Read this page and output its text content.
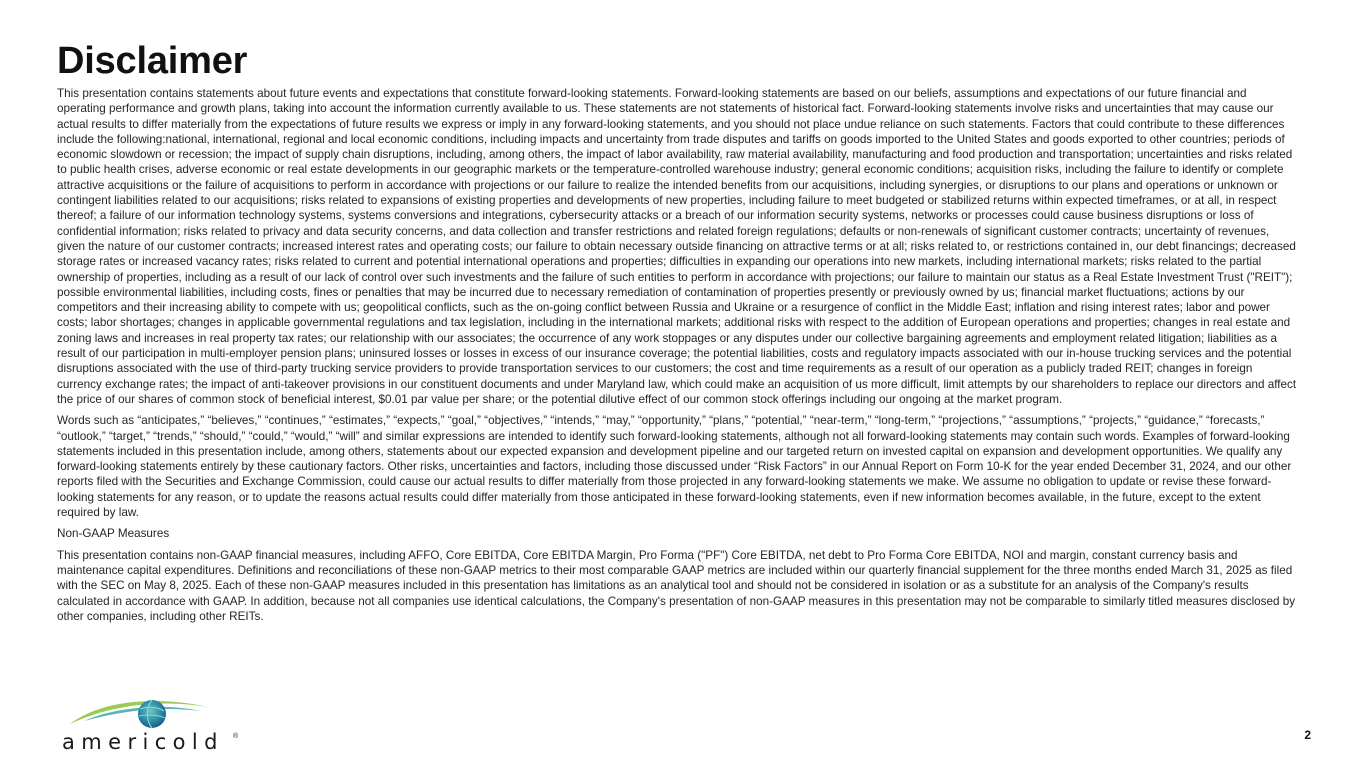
Disclaimer

This presentation contains statements about future events and expectations that constitute forward-looking statements. Forward-looking statements are based on our beliefs, assumptions and expectations of our future financial and operating performance and growth plans, taking into account the information currently available to us. These statements are not statements of historical fact. Forward-looking statements involve risks and uncertainties that may cause our actual results to differ materially from the expectations of future results we express or imply in any forward-looking statements, and you should not place undue reliance on such statements. Factors that could contribute to these differences include the following:national, international, regional and local economic conditions, including impacts and uncertainty from trade disputes and tariffs on goods imported to the United States and goods exported to other countries; periods of economic slowdown or recession; the impact of supply chain disruptions, including, among others, the impact of labor availability, raw material availability, manufacturing and food production and transportation; uncertainties and risks related to public health crises, adverse economic or real estate developments in our geographic markets or the temperature-controlled warehouse industry; general economic conditions; acquisition risks, including the failure to identify or complete attractive acquisitions or the failure of acquisitions to perform in accordance with projections or our failure to realize the intended benefits from our acquisitions, including synergies, or disruptions to our plans and operations or unknown or contingent liabilities related to our acquisitions; risks related to expansions of existing properties and developments of new properties, including failure to meet budgeted or stabilized returns within expected timeframes, or at all, in respect thereof; a failure of our information technology systems, systems conversions and integrations, cybersecurity attacks or a breach of our information security systems, networks or processes could cause business disruptions or loss of confidential information; risks related to privacy and data security concerns, and data collection and transfer restrictions and related foreign regulations; defaults or non-renewals of significant customer contracts; uncertainty of revenues, given the nature of our customer contracts; increased interest rates and operating costs; our failure to obtain necessary outside financing on attractive terms or at all; risks related to, or restrictions contained in, our debt financings; decreased storage rates or increased vacancy rates; risks related to current and potential international operations and properties; difficulties in expanding our operations into new markets, including international markets; risks related to the partial ownership of properties, including as a result of our lack of control over such investments and the failure of such entities to perform in accordance with projections; our failure to maintain our status as a Real Estate Investment Trust ("REIT"); possible environmental liabilities, including costs, fines or penalties that may be incurred due to necessary remediation of contamination of properties presently or previously owned by us; financial market fluctuations; actions by our competitors and their increasing ability to compete with us; geopolitical conflicts, such as the on-going conflict between Russia and Ukraine or a resurgence of conflict in the Middle East; inflation and rising interest rates; labor and power costs; labor shortages; changes in applicable governmental regulations and tax legislation, including in the international markets; additional risks with respect to the addition of European operations and properties; changes in real estate and zoning laws and increases in real property tax rates; our relationship with our associates; the occurrence of any work stoppages or any disputes under our collective bargaining agreements and employment related litigation; liabilities as a result of our participation in multi-employer pension plans; uninsured losses or losses in excess of our insurance coverage; the potential liabilities, costs and regulatory impacts associated with our in-house trucking services and the potential disruptions associated with the use of third-party trucking service providers to provide transportation services to our customers; the cost and time requirements as a result of our operation as a publicly traded REIT; changes in foreign currency exchange rates; the impact of anti-takeover provisions in our constituent documents and under Maryland law, which could make an acquisition of us more difficult, limit attempts by our shareholders to replace our directors and affect the price of our shares of common stock of beneficial interest, $0.01 par value per share; or the potential dilutive effect of our common stock offerings including our ongoing at the market program.

Words such as “anticipates,” “believes,” “continues,” “estimates,” “expects,” “goal,” “objectives,” “intends,” “may,” “opportunity,” “plans,” “potential,” “near-term,” “long-term,” “projections,” “assumptions,” “projects,” “guidance,” “forecasts,” “outlook,” “target,” “trends,” “should,” “could,” “would,” “will” and similar expressions are intended to identify such forward-looking statements, although not all forward-looking statements may contain such words. Examples of forward-looking statements included in this presentation include, among others, statements about our expected expansion and development pipeline and our targeted return on invested capital on expansion and development opportunities. We qualify any forward-looking statements entirely by these cautionary factors. Other risks, uncertainties and factors, including those discussed under “Risk Factors” in our Annual Report on Form 10-K for the year ended December 31, 2024, and our other reports filed with the Securities and Exchange Commission, could cause our actual results to differ materially from those projected in any forward-looking statements we make. We assume no obligation to update or revise these forward-looking statements for any reason, or to update the reasons actual results could differ materially from those anticipated in these forward-looking statements, even if new information becomes available, in the future, except to the extent required by law.

Non-GAAP Measures

This presentation contains non-GAAP financial measures, including AFFO, Core EBITDA, Core EBITDA Margin, Pro Forma ("PF") Core EBITDA, net debt to Pro Forma Core EBITDA, NOI and margin, constant currency basis and maintenance capital expenditures. Definitions and reconciliations of these non-GAAP metrics to their most comparable GAAP metrics are included within our quarterly financial supplement for the three months ended March 31, 2025 as filed with the SEC on May 8, 2025. Each of these non-GAAP measures included in this presentation has limitations as an analytical tool and should not be considered in isolation or as a substitute for an analysis of the Company's results calculated in accordance with GAAP. In addition, because not all companies use identical calculations, the Company's presentation of non-GAAP measures in this presentation may not be comparable to similarly titled measures disclosed by other companies, including other REITs.

americold ®	2
